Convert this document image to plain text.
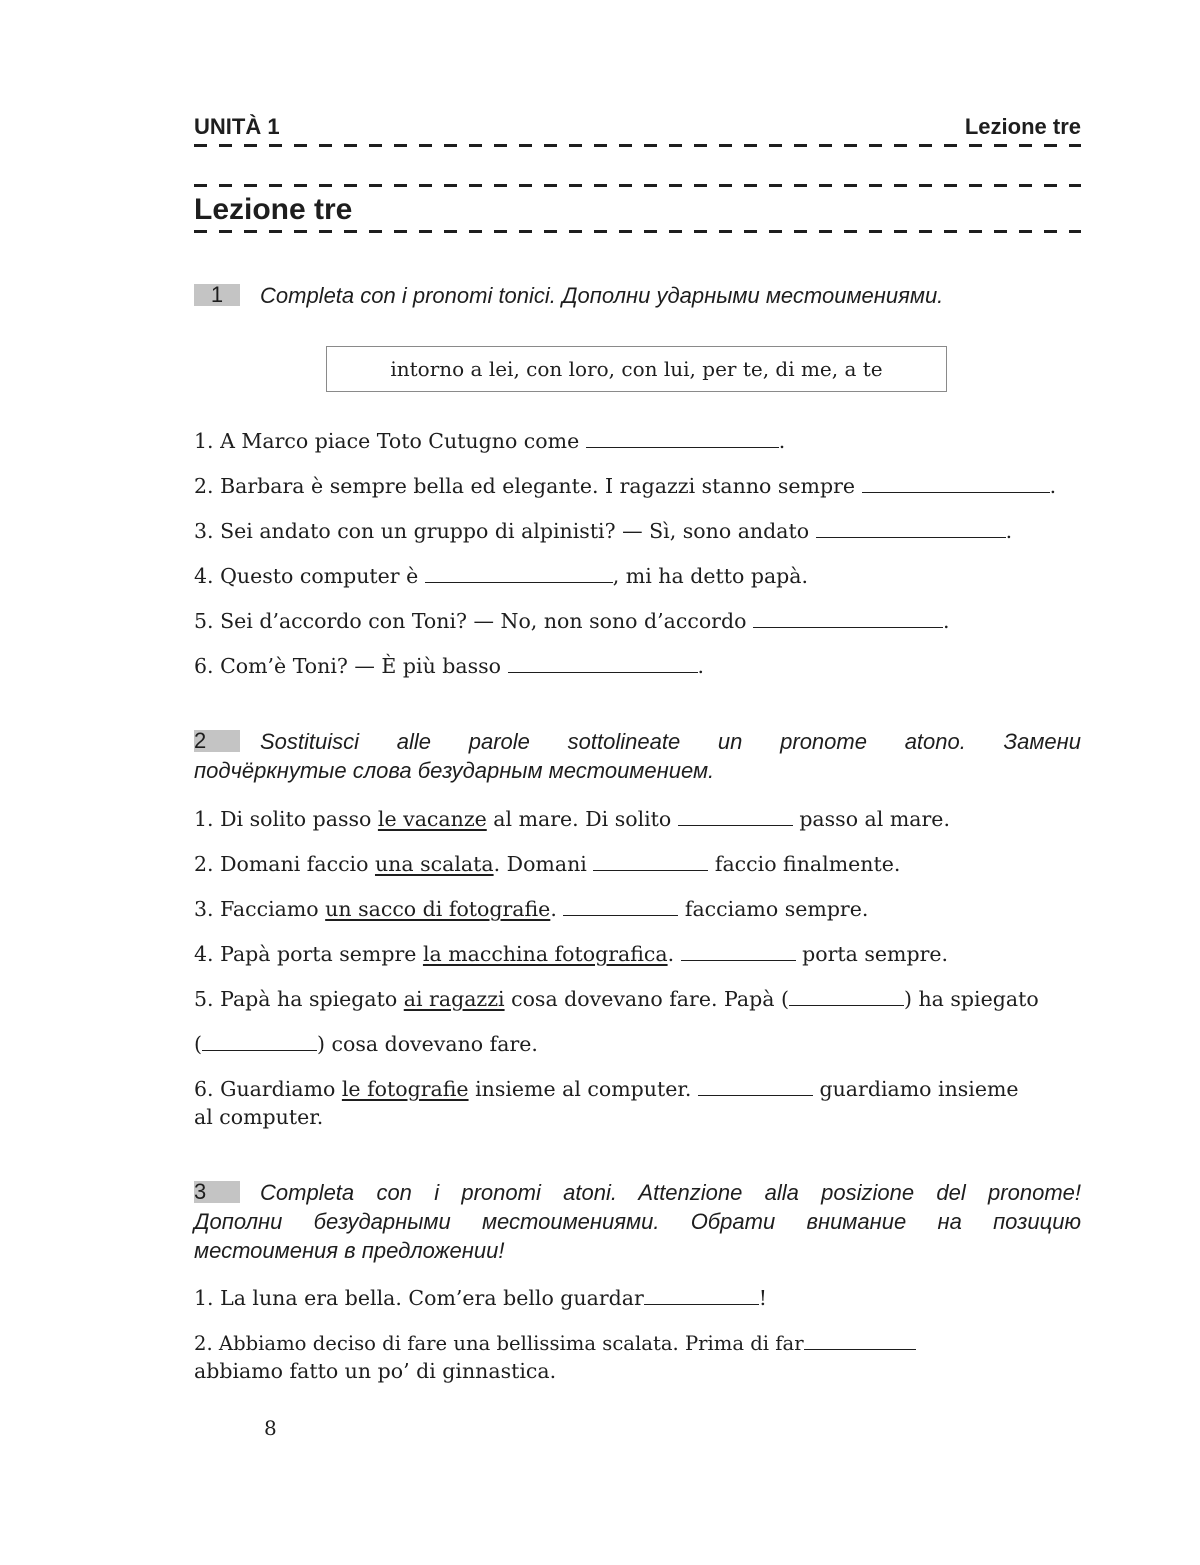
UNITÀ 1	Lezione tre
Lezione tre
1 Completa con i pronomi tonici. Дополни ударными местоимениями.
intorno a lei, con loro, con lui, per te, di me, a te
1. A Marco piace Toto Cutugno come	.
2. Barbara è sempre bella ed elegante. I ragazzi stanno sempre	.
3. Sei andato con un gruppo di alpinisti? — Sì, sono andato	.
4. Questo computer è	, mi ha detto papà.
5. Sei d’accordo con Toni? — No, non sono d’accordo	.
6. Com’è Toni? — È più basso	.
2 Sostituisci alle parole sottolineate un pronome atono. Замени
подчёркнутые слова безударным местоимением.
1. Di solito passo le vacanze al mare. Di solito	passo al mare.
2. Domani faccio una scalata. Domani	faccio finalmente.
3. Facciamo un sacco di fotografie.	facciamo sempre.
4. Papà porta sempre la macchina fotografica.	porta sempre.
5. Papà ha spiegato ai ragazzi cosa dovevano fare. Papà (	) ha spiegato
(	) cosa dovevano fare.
6. Guardiamo le fotografie insieme al computer.	guardiamo insieme
al computer.
3 Completa con i pronomi atoni. Attenzione alla posizione del pronome!
Дополни безударными местоимениями. Обрати внимание на позицию
местоимения в предложении!
1. La luna era bella. Com’era bello guardar	!
2. Abbiamo deciso di fare una bellissima scalata. Prima di far
abbiamo fatto un po’ di ginnastica.
8
